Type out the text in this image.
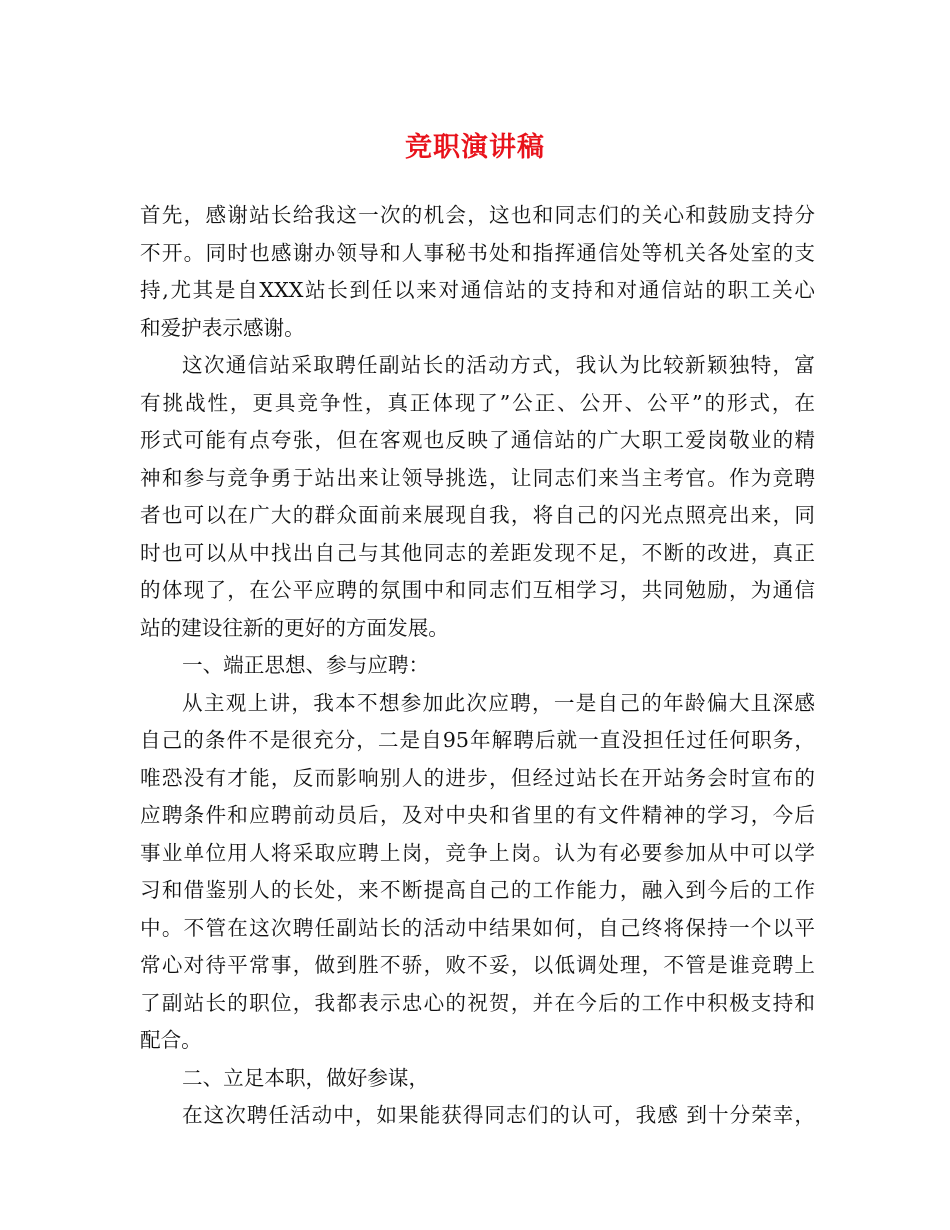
竞职演讲稿
首先，感谢站长给我这一次的机会，这也和同志们的关心和鼓励支持分
不开。同时也感谢办领导和人事秘书处和指挥通信处等机关各处室的支
持,尤其是自XXX站长到任以来对通信站的支持和对通信站的职工关心
和爱护表示感谢。
这次通信站采取聘任副站长的活动方式，我认为比较新颖独特，富
有挑战性，更具竞争性，真正体现了”公正、公开、公平”的形式，在
形式可能有点夸张，但在客观也反映了通信站的广大职工爱岗敬业的精
神和参与竞争勇于站出来让领导挑选，让同志们来当主考官。作为竞聘
者也可以在广大的群众面前来展现自我，将自己的闪光点照亮出来，同
时也可以从中找出自己与其他同志的差距发现不足，不断的改进，真正
的体现了，在公平应聘的氛围中和同志们互相学习，共同勉励，为通信
站的建设往新的更好的方面发展。
一、端正思想、参与应聘：
从主观上讲，我本不想参加此次应聘，一是自己的年龄偏大且深感
自己的条件不是很充分，二是自95年解聘后就一直没担任过任何职务，
唯恐没有才能，反而影响别人的进步，但经过站长在开站务会时宣布的
应聘条件和应聘前动员后，及对中央和省里的有文件精神的学习，今后
事业单位用人将采取应聘上岗，竞争上岗。认为有必要参加从中可以学
习和借鉴别人的长处，来不断提高自己的工作能力，融入到今后的工作
中。不管在这次聘任副站长的活动中结果如何，自己终将保持一个以平
常心对待平常事，做到胜不骄，败不妥，以低调处理，不管是谁竞聘上
了副站长的职位，我都表示忠心的祝贺，并在今后的工作中积极支持和
配合。
二、立足本职，做好参谋，
在这次聘任活动中，如果能获得同志们的认可，我感 到十分荣幸，
